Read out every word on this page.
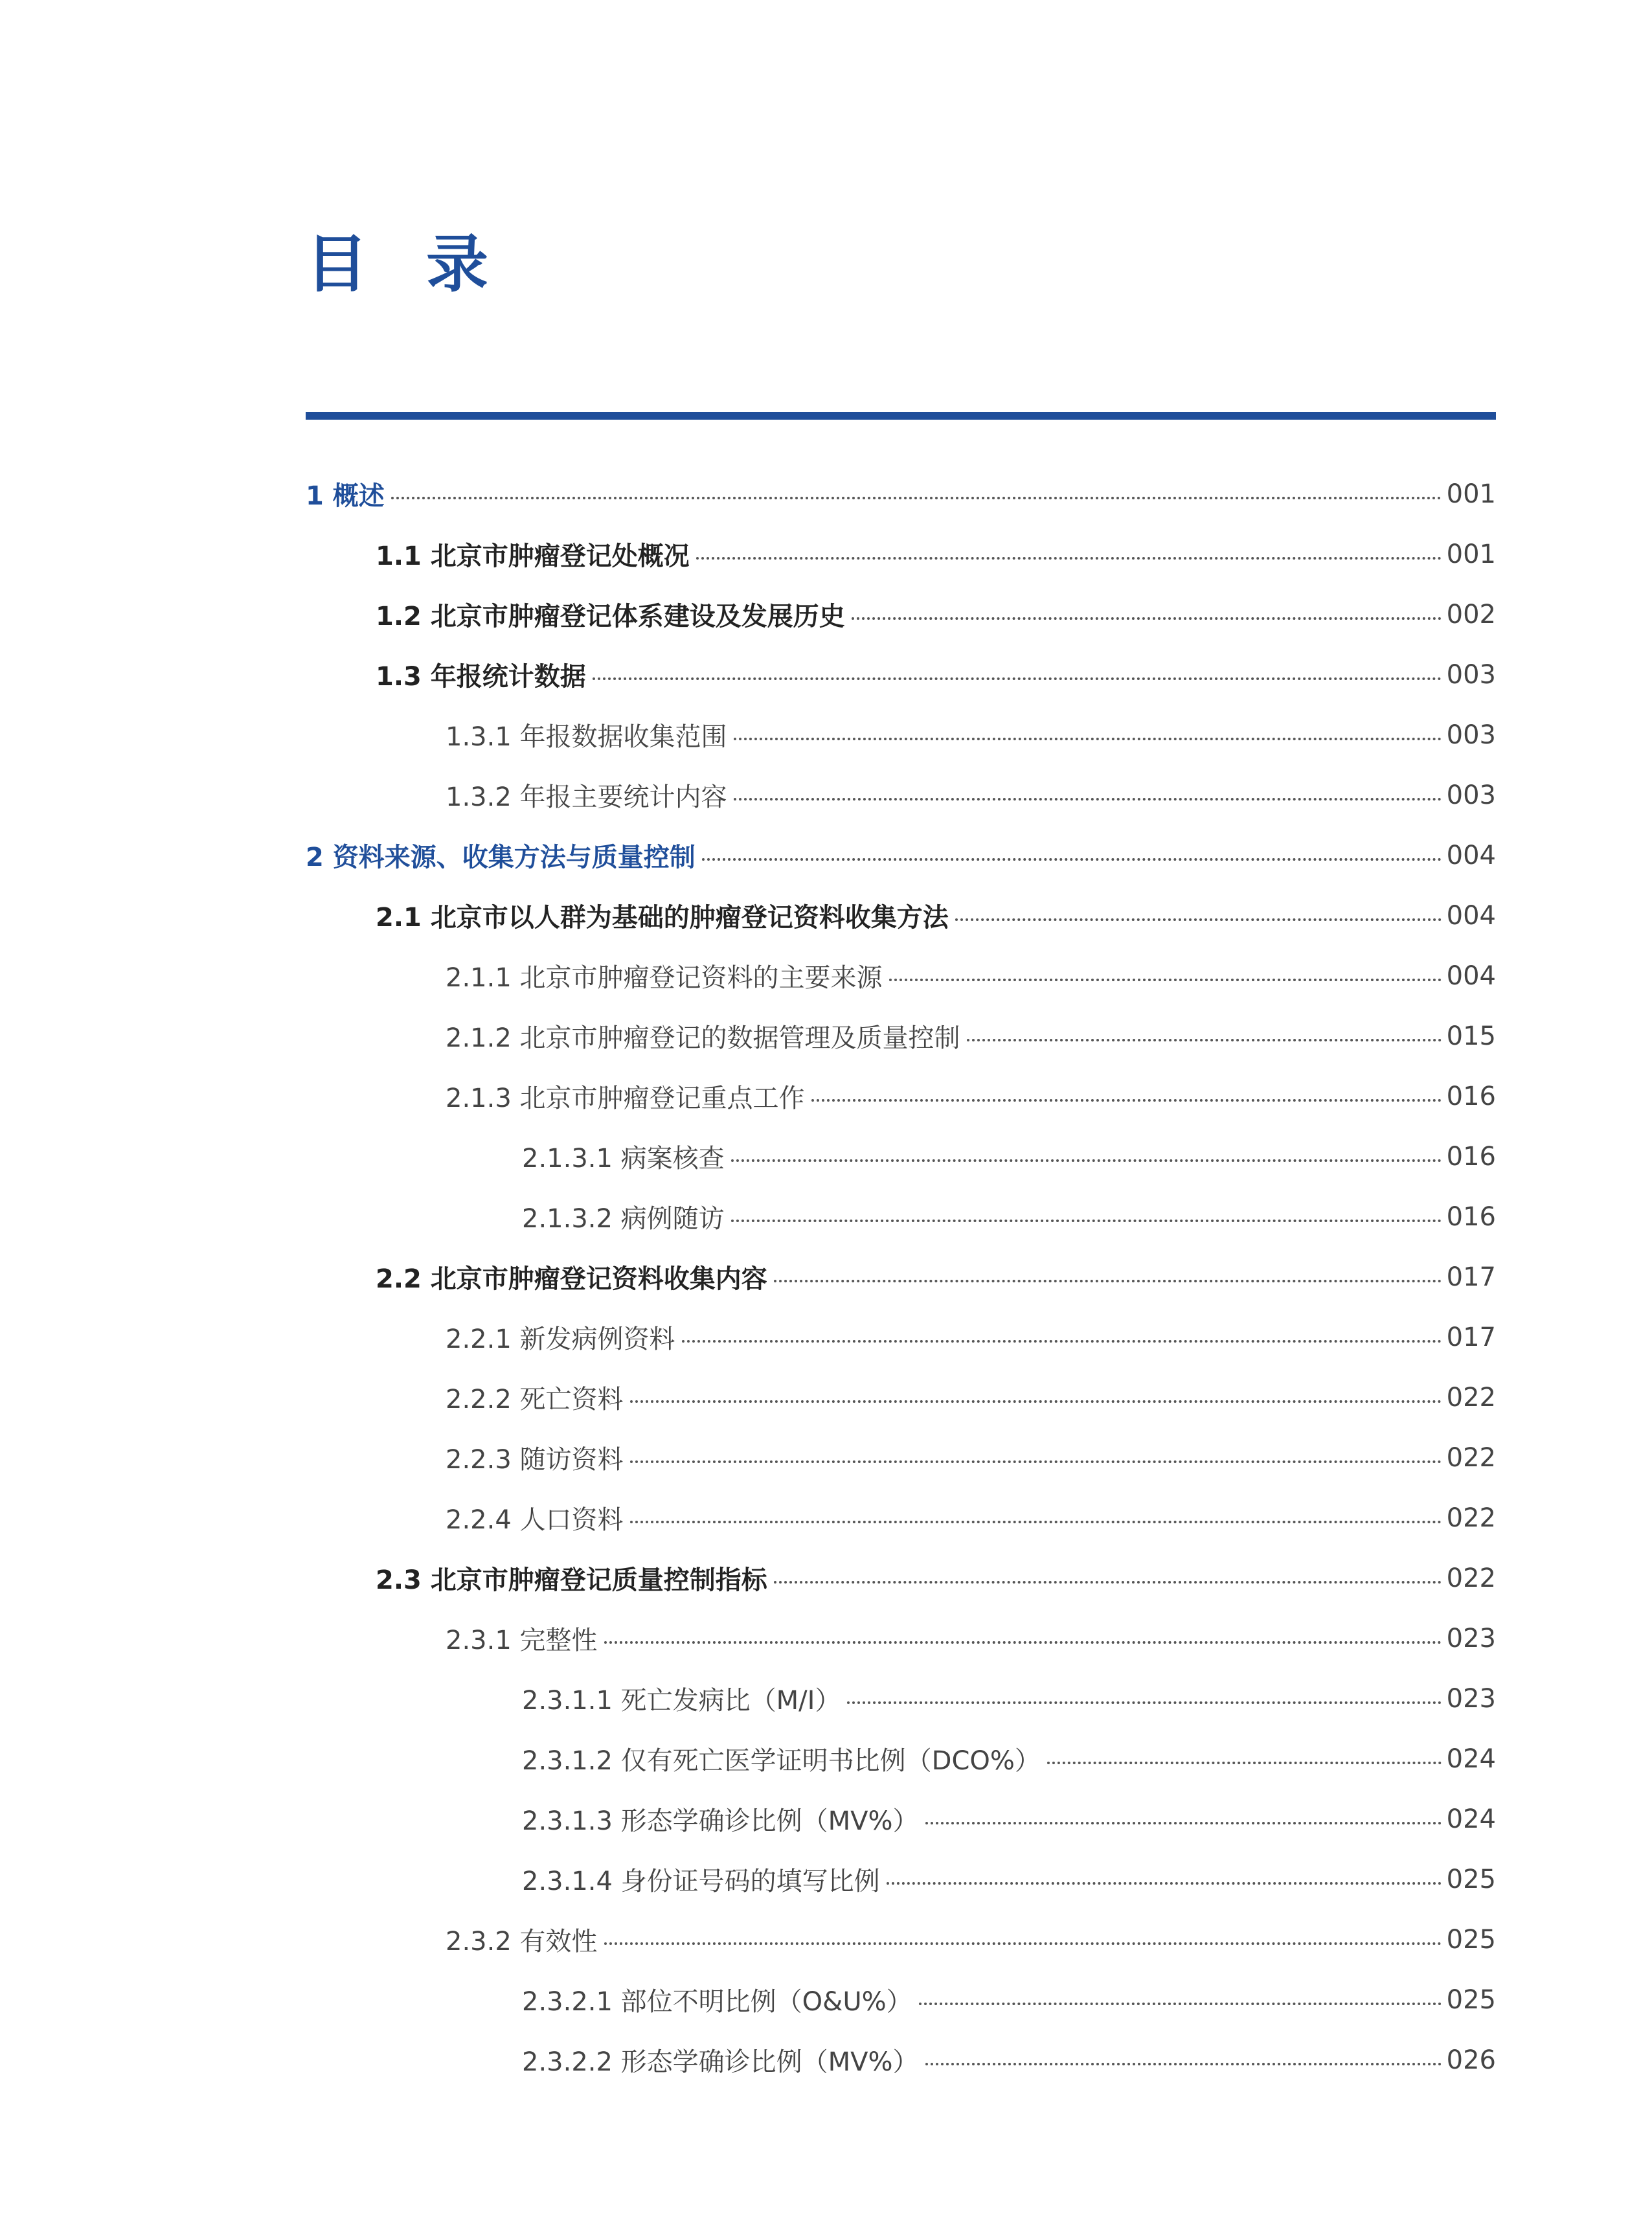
目 录
1 概述	001
1.1 北京市肿瘤登记处概况	001
1.2 北京市肿瘤登记体系建设及发展历史	002
1.3 年报统计数据	003
1.3.1 年报数据收集范围	003
1.3.2 年报主要统计内容	003
2 资料来源、收集方法与质量控制	004
2.1 北京市以人群为基础的肿瘤登记资料收集方法	004
2.1.1 北京市肿瘤登记资料的主要来源	004
2.1.2 北京市肿瘤登记的数据管理及质量控制	015
2.1.3 北京市肿瘤登记重点工作	016
2.1.3.1 病案核查	016
2.1.3.2 病例随访	016
2.2 北京市肿瘤登记资料收集内容	017
2.2.1 新发病例资料	017
2.2.2 死亡资料	022
2.2.3 随访资料	022
2.2.4 人口资料	022
2.3 北京市肿瘤登记质量控制指标	022
2.3.1 完整性	023
2.3.1.1 死亡发病比（M/I）	023
2.3.1.2 仅有死亡医学证明书比例（DCO%）	024
2.3.1.3 形态学确诊比例（MV%）	024
2.3.1.4 身份证号码的填写比例	025
2.3.2 有效性	025
2.3.2.1 部位不明比例（O&U%）	025
2.3.2.2 形态学确诊比例（MV%）	026
